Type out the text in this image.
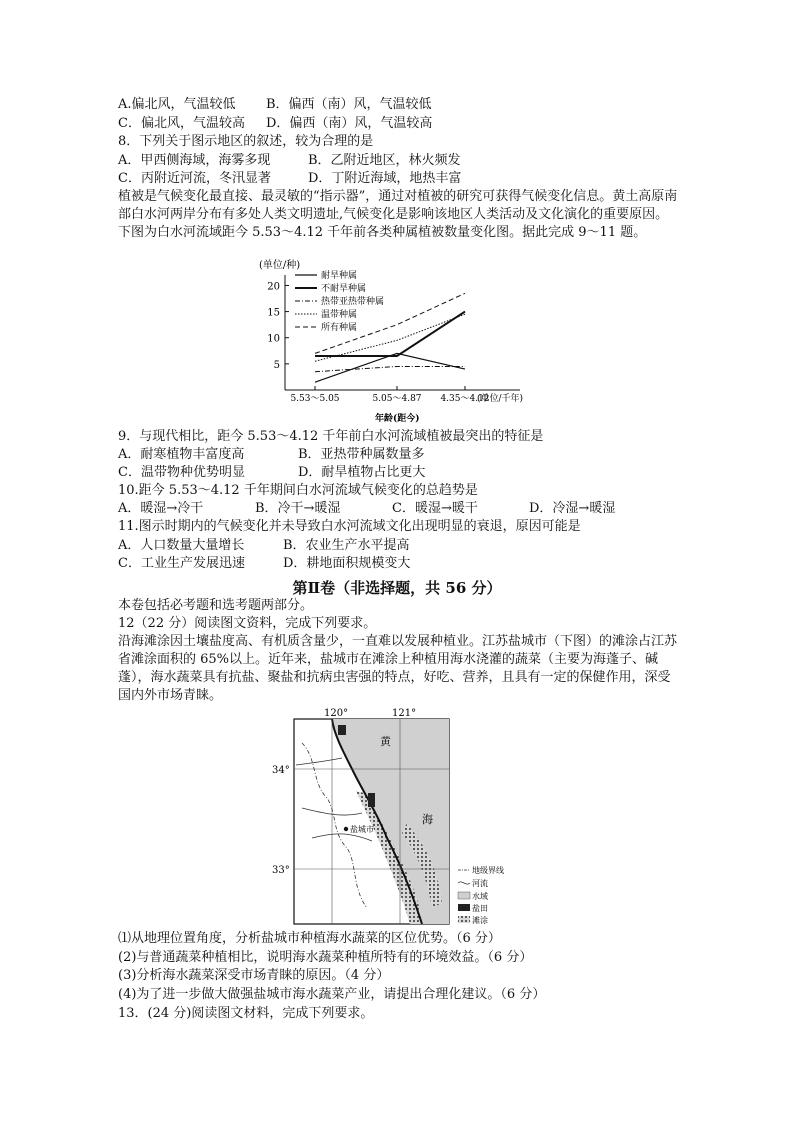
A.偏北风，气温较低 B．偏西（南）风，气温较低
C．偏北风，气温较高 D．偏西（南）风，气温较高
8．下列关于图示地区的叙述，较为合理的是
A．甲西侧海域，海雾多现	B．乙附近地区，林火频发
C．丙附近河流，冬汛显著	D．丁附近海域，地热丰富
植被是气候变化最直接、最灵敏的“指示器”，通过对植被的研究可获得气候变化信息。黄土高原南部白水河两岸分布有多处人类文明遗址,气候变化是影响该地区人类活动及文化演化的重要原因。下图为白水河流域距今 5.53～4.12 千年前各类种属植被数量变化图。据此完成 9～11 题。
(单位/种)
5
10
15
20
5.53～5.05	5.05～4.87 4.35～4.12
耐旱种属
不耐旱种属
热带亚热带种属
温带种属
所有种属
(单位/千年)
年龄(距今)
9．与现代相比，距今 5.53～4.12 千年前白水河流域植被最突出的特征是
A．耐寒植物丰富度高	B．亚热带种属数量多
C．温带物种优势明显	D．耐旱植物占比更大
10.距今 5.53～4.12 千年期间白水河流域气候变化的总趋势是
A．暖湿→冷干	B．冷干→暖湿	C．暖湿→暖干	D．冷湿→暖湿
11.图示时期内的气候变化并未导致白水河流域文化出现明显的衰退，原因可能是
A．人口数量大量增长	B．农业生产水平提高
C．工业生产发展迅速	D．耕地面积规模变大
第Ⅱ卷（非选择题，共 56 分）
本卷包括必考题和选考题两部分。
12（22 分）阅读图文资料，完成下列要求。
沿海滩涂因土壤盐度高、有机质含量少，一直难以发展种植业。江苏盐城市（下图）的滩涂占江苏省滩涂面积的 65%以上。近年来，盐城市在滩涂上种植用海水浇灌的蔬菜（主要为海蓬子、碱蓬），海水蔬菜具有抗盐、聚盐和抗病虫害强的特点，好吃、营养，且具有一定的保健作用，深受国内外市场青睐。
120°	121°
34°
33°
盐城市
黄
海
地级界线
河流
水域
盐田
滩涂
⑴从地理位置角度，分析盐城市种植海水蔬菜的区位优势。（6 分）
(2)与普通蔬菜种植相比，说明海水蔬菜种植所特有的环境效益。（6 分）
(3)分析海水蔬菜深受市场青睐的原因。（4 分）
(4)为了进一步做大做强盐城市海水蔬菜产业，请提出合理化建议。（6 分）
13．(24 分)阅读图文材料，完成下列要求。
